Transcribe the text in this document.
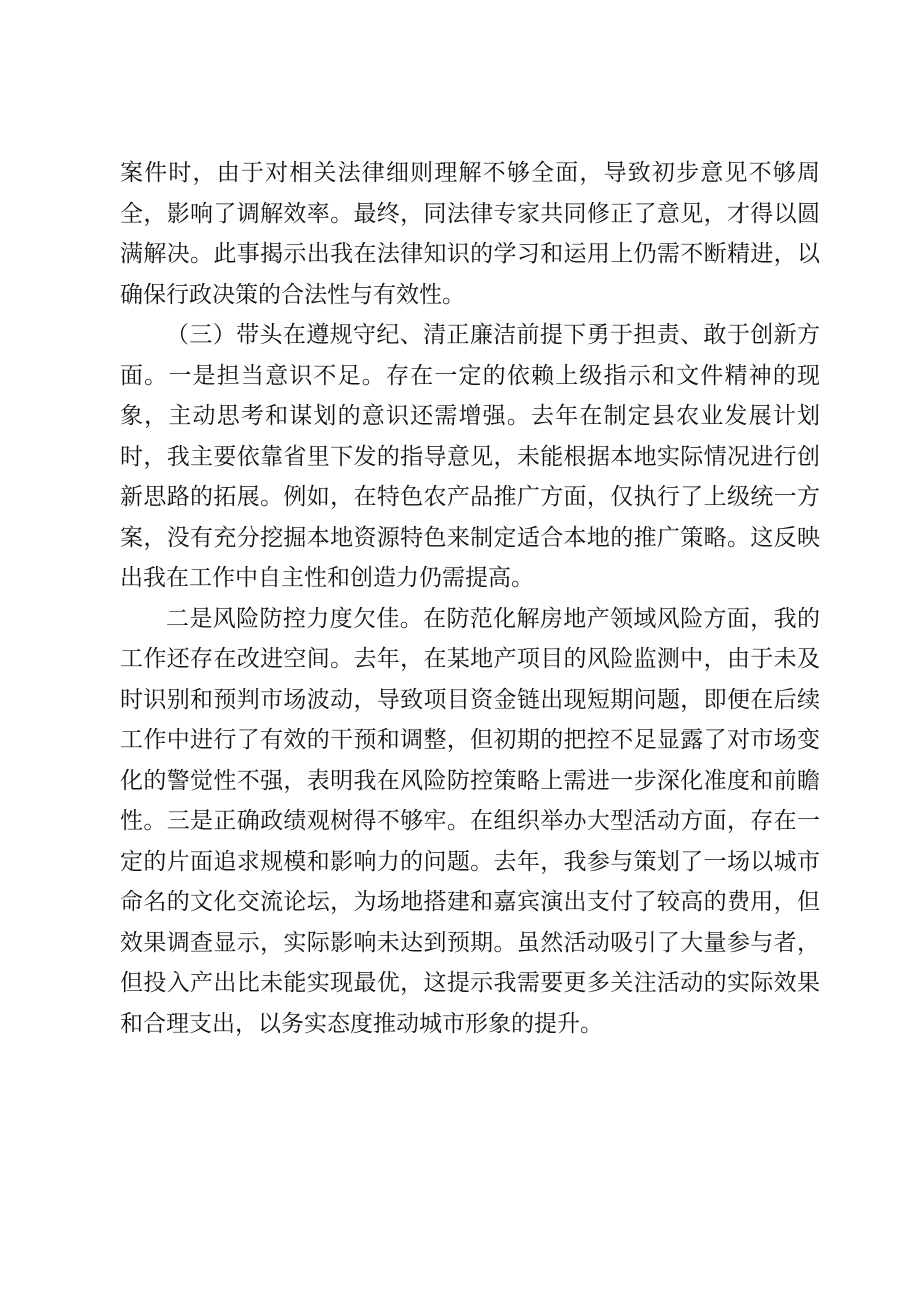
案件时，由于对相关法律细则理解不够全面，导致初步意见不够周全，影响了调解效率。最终，同法律专家共同修正了意见，才得以圆满解决。此事揭示出我在法律知识的学习和运用上仍需不断精进，以确保行政决策的合法性与有效性。

（三）带头在遵规守纪、清正廉洁前提下勇于担责、敢于创新方面。一是担当意识不足。存在一定的依赖上级指示和文件精神的现象，主动思考和谋划的意识还需增强。去年在制定县农业发展计划时，我主要依靠省里下发的指导意见，未能根据本地实际情况进行创新思路的拓展。例如，在特色农产品推广方面，仅执行了上级统一方案，没有充分挖掘本地资源特色来制定适合本地的推广策略。这反映出我在工作中自主性和创造力仍需提高。

二是风险防控力度欠佳。在防范化解房地产领域风险方面，我的工作还存在改进空间。去年，在某地产项目的风险监测中，由于未及时识别和预判市场波动，导致项目资金链出现短期问题，即便在后续工作中进行了有效的干预和调整，但初期的把控不足显露了对市场变化的警觉性不强，表明我在风险防控策略上需进一步深化准度和前瞻性。三是正确政绩观树得不够牢。在组织举办大型活动方面，存在一定的片面追求规模和影响力的问题。去年，我参与策划了一场以城市命名的文化交流论坛，为场地搭建和嘉宾演出支付了较高的费用，但效果调查显示，实际影响未达到预期。虽然活动吸引了大量参与者，但投入产出比未能实现最优，这提示我需要更多关注活动的实际效果和合理支出，以务实态度推动城市形象的提升。
